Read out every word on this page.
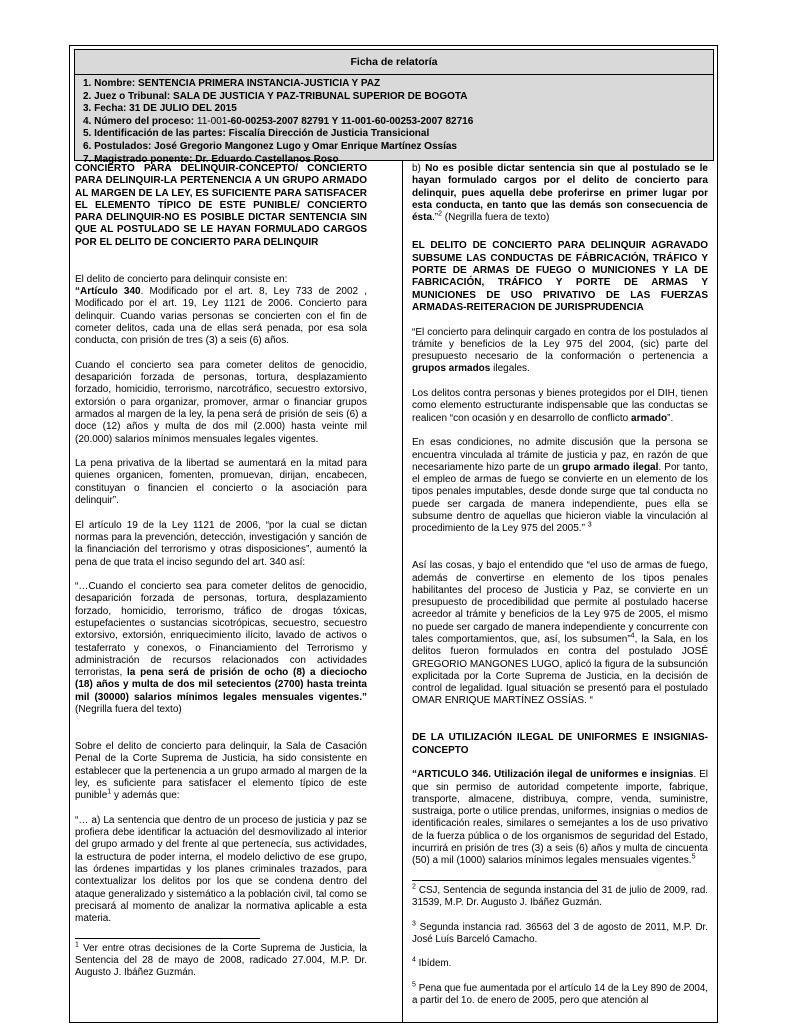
Ficha de relatoría
1. Nombre: SENTENCIA PRIMERA INSTANCIA-JUSTICIA Y PAZ
2. Juez o Tribunal: SALA DE JUSTICIA Y PAZ-TRIBUNAL SUPERIOR DE BOGOTA
3. Fecha: 31 DE JULIO DEL 2015
4. Número del proceso: 11-001-60-00253-2007 82791 Y 11-001-60-00253-2007 82716
5. Identificación de las partes: Fiscalía Dirección de Justicia Transicional
6. Postulados: José Gregorio Mangonez Lugo y Omar Enrique Martínez Ossías
7. Magistrado ponente: Dr. Eduardo Castellanos Roso

CONCIERTO PARA DELINQUIR-CONCEPTO/ CONCIERTO PARA DELINQUIR-LA PERTENENCIA A UN GRUPO ARMADO AL MARGEN DE LA LEY, ES SUFICIENTE PARA SATISFACER EL ELEMENTO TÍPICO DE ESTE PUNIBLE/ CONCIERTO PARA DELINQUIR-NO ES POSIBLE DICTAR SENTENCIA SIN QUE AL POSTULADO SE LE HAYAN FORMULADO CARGOS POR EL DELITO DE CONCIERTO PARA DELINQUIR

El delito de concierto para delinquir consiste en:

“Artículo 340. Modificado por el art. 8, Ley 733 de 2002 , Modificado por el art. 19, Ley 1121 de 2006. Concierto para delinquir. Cuando varias personas se concierten con el fin de cometer delitos, cada una de ellas será penada, por esa sola conducta, con prisión de tres (3) a seis (6) años.

Cuando el concierto sea para cometer delitos de genocidio, desaparición forzada de personas, tortura, desplazamiento forzado, homicidio, terrorismo, narcotráfico, secuestro extorsivo, extorsión o para organizar, promover, armar o financiar grupos armados al margen de la ley, la pena será de prisión de seis (6) a doce (12) años y multa de dos mil (2.000) hasta veinte mil (20.000) salarios mínimos mensuales legales vigentes.

La pena privativa de la libertad se aumentará en la mitad para quienes organicen, fomenten, promuevan, dirijan, encabecen, constituyan o financien el concierto o la asociación para delinquir”.

El artículo 19 de la Ley 1121 de 2006, “por la cual se dictan normas para la prevención, detección, investigación y sanción de la financiación del terrorismo y otras disposiciones”, aumentó la pena de que trata el inciso segundo del art. 340 así:

“…Cuando el concierto sea para cometer delitos de genocidio, desaparición forzada de personas, tortura, desplazamiento forzado, homicidio, terrorismo, tráfico de drogas tóxicas, estupefacientes o sustancias sicotrópicas, secuestro, secuestro extorsivo, extorsión, enriquecimiento ilícito, lavado de activos o testaferrato y conexos, o Financiamiento del Terrorismo y administración de recursos relacionados con actividades terroristas, la pena será de prisión de ocho (8) a dieciocho (18) años y multa de dos mil setecientos (2700) hasta treinta mil (30000) salarios mínimos legales mensuales vigentes.” (Negrilla fuera del texto)

Sobre el delito de concierto para delinquir, la Sala de Casación Penal de la Corte Suprema de Justicia, ha sido consistente en establecer que la pertenencia a un grupo armado al margen de la ley, es suficiente para satisfacer el elemento típico de este punible$^1$ y además que:

“… a) La sentencia que dentro de un proceso de justicia y paz se profiera debe identificar la actuación del desmovilizado al interior del grupo armado y del frente al que pertenecía, sus actividades, la estructura de poder interna, el modelo delictivo de ese grupo, las órdenes impartidas y los planes criminales trazados, para contextualizar los delitos por los que se condena dentro del ataque generalizado y sistemático a la población civil, tal como se precisará al momento de analizar la normativa aplicable a esta materia.

$^1$ Ver entre otras decisiones de la Corte Suprema de Justicia, la Sentencia del 28 de mayo de 2008, radicado 27.004, M.P. Dr. Augusto J. Ibáñez Guzmán.

b) No es posible dictar sentencia sin que al postulado se le hayan formulado cargos por el delito de concierto para delinquir, pues aquella debe proferirse en primer lugar por esta conducta, en tanto que las demás son consecuencia de ésta.”$^2$ (Negrilla fuera de texto)

EL DELITO DE CONCIERTO PARA DELINQUIR AGRAVADO SUBSUME LAS CONDUCTAS DE FÁBRICACIÓN, TRÁFICO Y PORTE DE ARMAS DE FUEGO O MUNICIONES Y LA DE FABRICACIÓN, TRÁFICO Y PORTE DE ARMAS Y MUNICIONES DE USO PRIVATIVO DE LAS FUERZAS ARMADAS-REITERACION DE JURISPRUDENCIA

“El concierto para delinquir cargado en contra de los postulados al trámite y beneficios de la Ley 975 del 2004, (sic) parte del presupuesto necesario de la conformación o pertenencia a grupos armados ilegales.

Los delitos contra personas y bienes protegidos por el DIH, tienen como elemento estructurante indispensable que las conductas se realicen “con ocasión y en desarrollo de conflicto armado”.

En esas condiciones, no admite discusión que la persona se encuentra vinculada al trámite de justicia y paz, en razón de que necesariamente hizo parte de un grupo armado ilegal. Por tanto, el empleo de armas de fuego se convierte en un elemento de los tipos penales imputables, desde donde surge que tal conducta no puede ser cargada de manera independiente, pues ella se subsume dentro de aquellas que hicieron viable la vinculación al procedimiento de la Ley 975 del 2005.” $^3$

Así las cosas, y bajo el entendido que “el uso de armas de fuego, además de convertirse en elemento de los tipos penales habilitantes del proceso de Justicia y Paz, se convierte en un presupuesto de procedibilidad que permite al postulado hacerse acreedor al trámite y beneficios de la Ley 975 de 2005, el mismo no puede ser cargado de manera independiente y concurrente con tales comportamientos, que, así, los subsumen”$^4$, la Sala, en los delitos fueron formulados en contra del postulado JOSÉ GREGORIO MANGONES LUGO, aplicó la figura de la subsunción explicitada por la Corte Suprema de Justicia, en la decisión de control de legalidad. Igual situación se presentó para el postulado OMAR ENRIQUE MARTÍNEZ OSSÍAS. “

DE LA UTILIZACIÓN ILEGAL DE UNIFORMES E INSIGNIAS-CONCEPTO

“ARTICULO 346. Utilización ilegal de uniformes e insignias. El que sin permiso de autoridad competente importe, fabrique, transporte, almacene, distribuya, compre, venda, suministre, sustraiga, porte o utilice prendas, uniformes, insignias o medios de identificación reales, similares o semejantes a los de uso privativo de la fuerza pública o de los organismos de seguridad del Estado, incurrirá en prisión de tres (3) a seis (6) años y multa de cincuenta (50) a mil (1000) salarios mínimos legales mensuales vigentes.$^5$

$^2$ CSJ, Sentencia de segunda instancia del 31 de julio de 2009, rad. 31539, M.P. Dr. Augusto J. Ibáñez Guzmán.

$^3$ Segunda instancia rad. 36563 del 3 de agosto de 2011, M.P. Dr. José Luís Barceló Camacho.

$^4$ Ibídem.

$^5$ Pena que fue aumentada por el artículo 14 de la Ley 890 de 2004, a partir del 1o. de enero de 2005, pero que atención al
